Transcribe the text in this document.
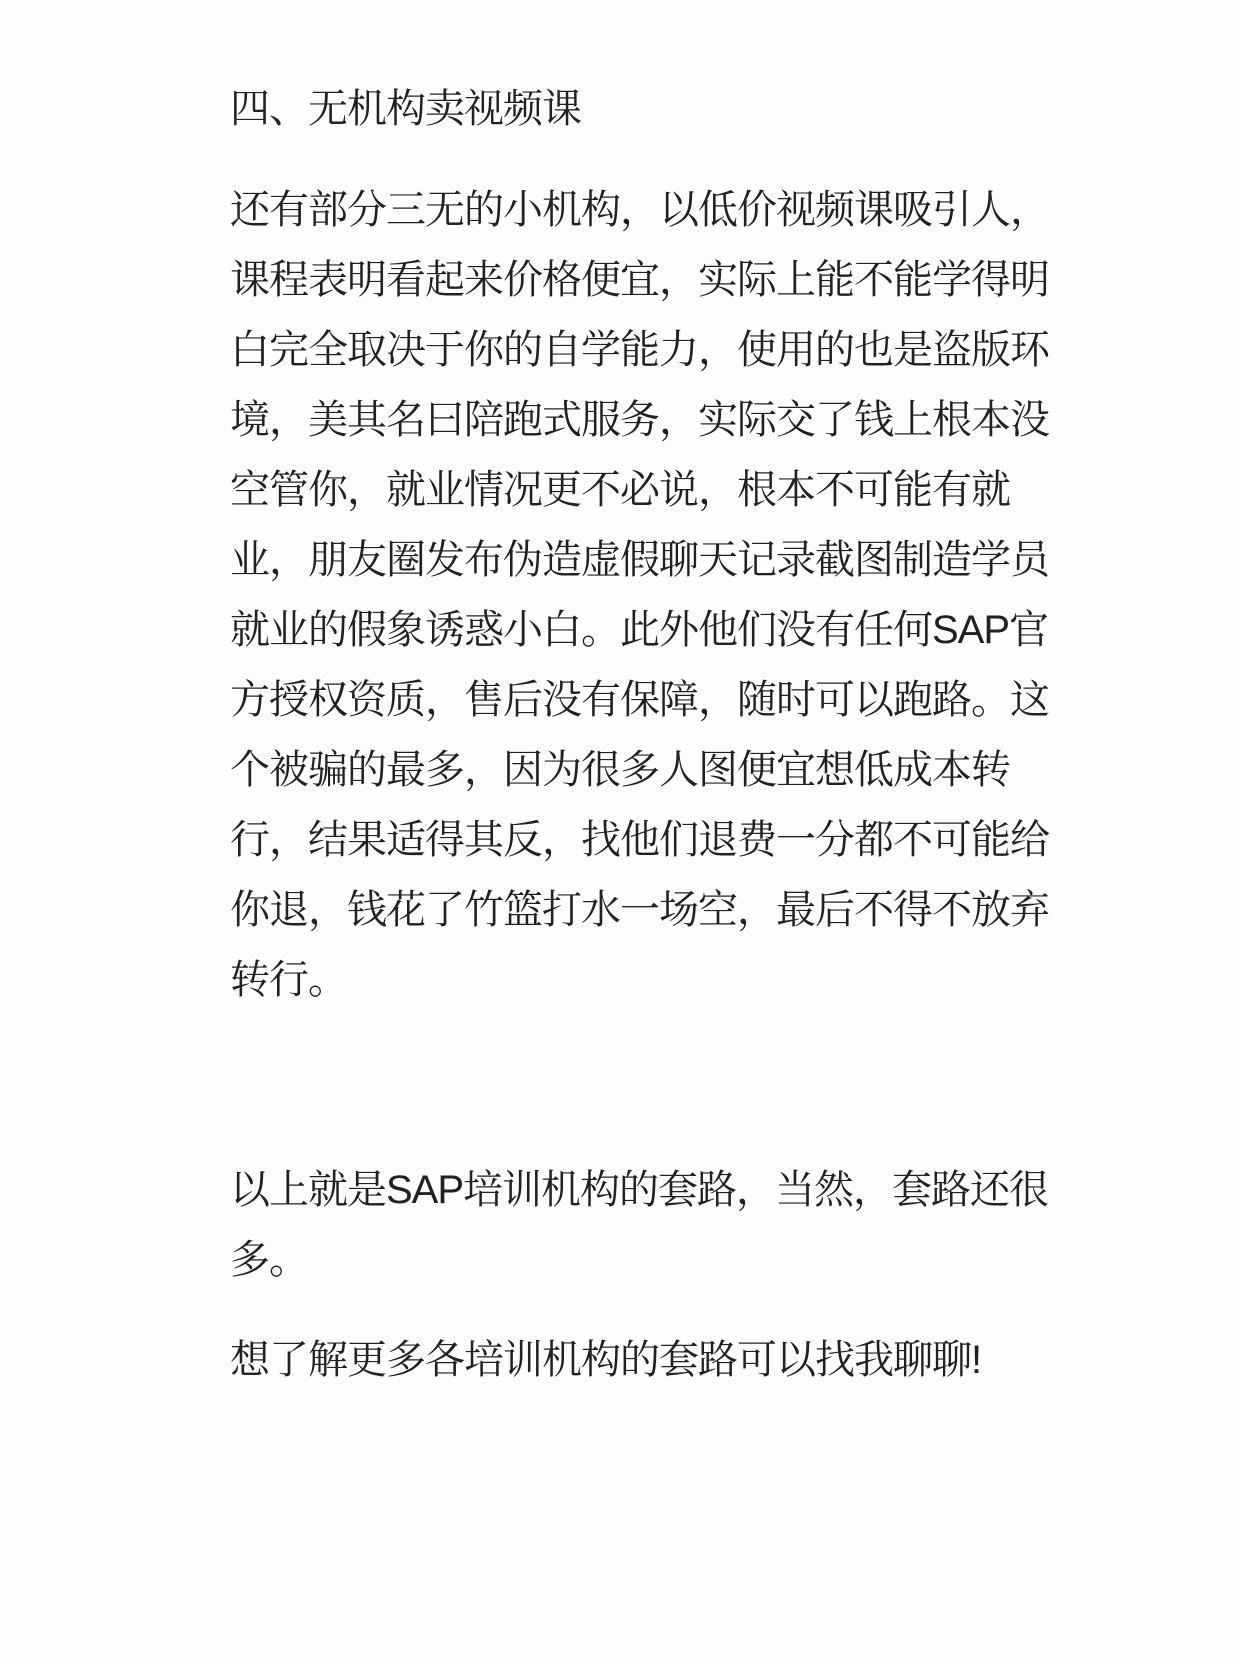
四、无机构卖视频课
还有部分三无的小机构，以低价视频课吸引人，
课程表明看起来价格便宜，实际上能不能学得明
白完全取决于你的自学能力，使用的也是盗版环
境，美其名曰陪跑式服务，实际交了钱上根本没
空管你，就业情况更不必说，根本不可能有就
业，朋友圈发布伪造虚假聊天记录截图制造学员
就业的假象诱惑小白。此外他们没有任何SAP官
方授权资质，售后没有保障，随时可以跑路。这
个被骗的最多，因为很多人图便宜想低成本转
行，结果适得其反，找他们退费一分都不可能给
你退，钱花了竹篮打水一场空，最后不得不放弃
转行。
以上就是SAP培训机构的套路，当然，套路还很
多。
想了解更多各培训机构的套路可以找我聊聊!
